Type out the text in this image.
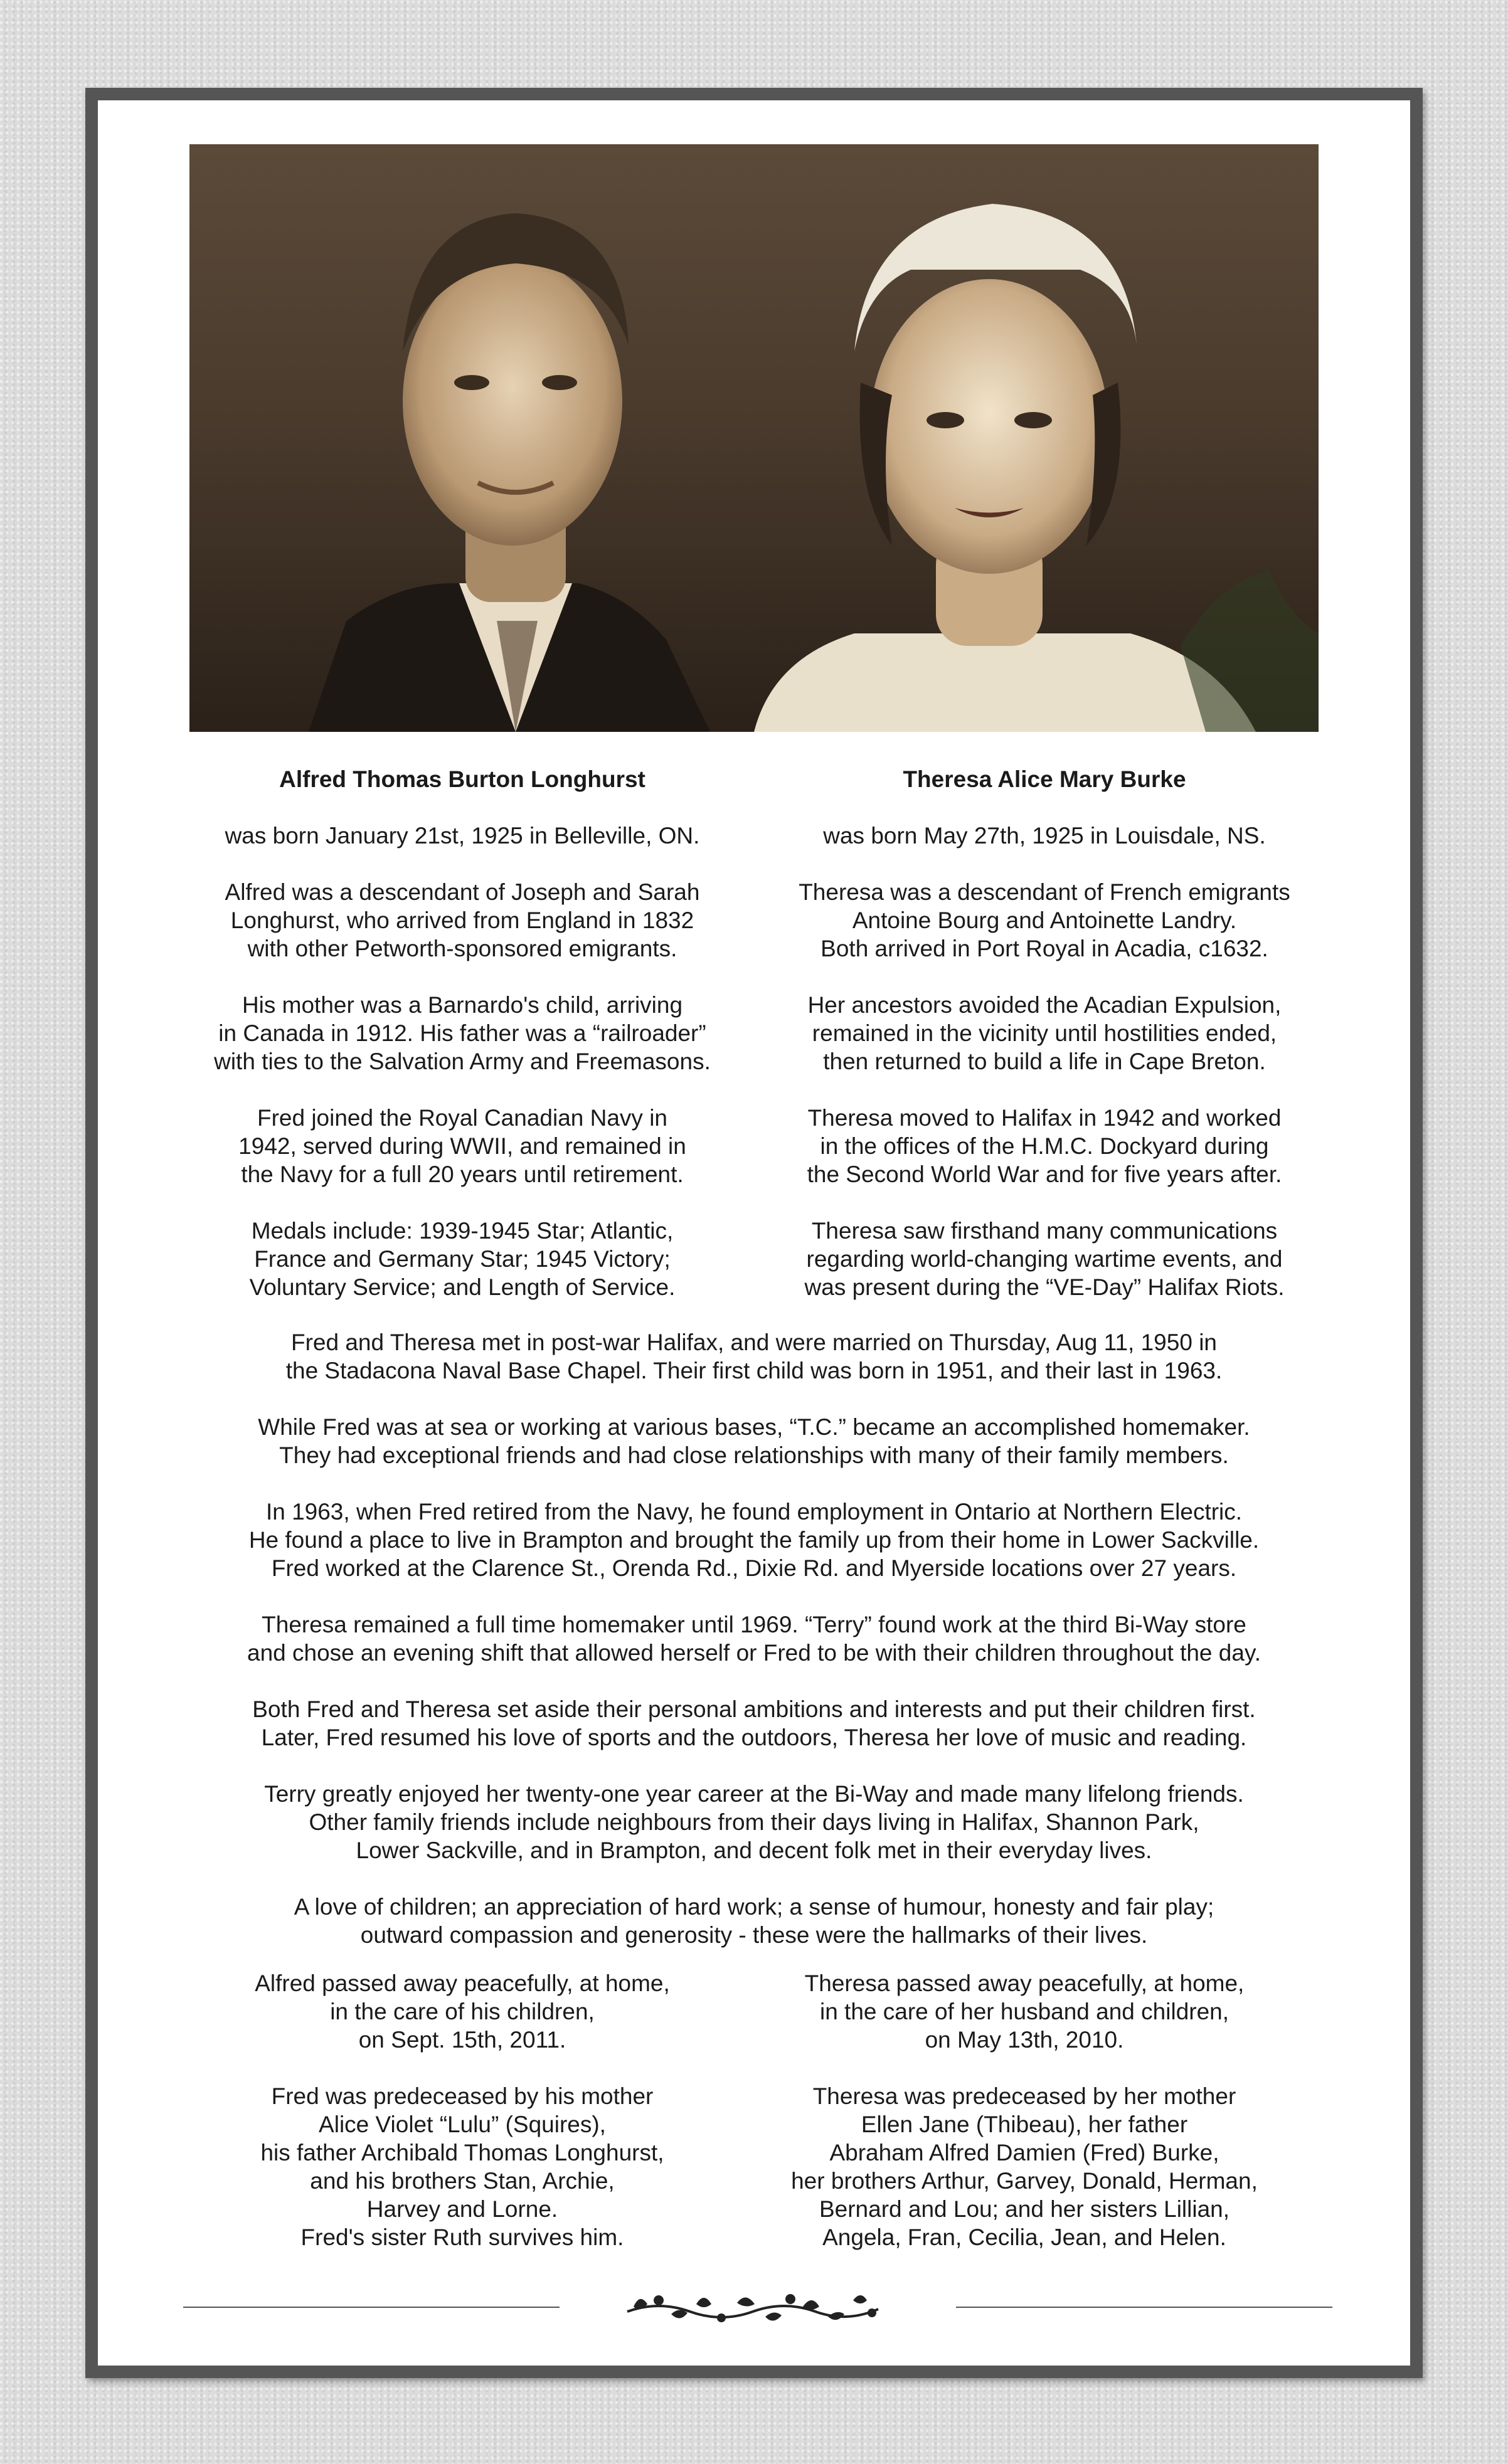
Alfred Thomas Burton Longhurst

was born January 21st, 1925 in Belleville, ON.

Alfred was a descendant of Joseph and Sarah
Longhurst, who arrived from England in 1832
with other Petworth-sponsored emigrants.

His mother was a Barnardo's child, arriving
in Canada in 1912. His father was a “railroader”
with ties to the Salvation Army and Freemasons.

Fred joined the Royal Canadian Navy in
1942, served during WWII, and remained in
the Navy for a full 20 years until retirement.

Medals include: 1939-1945 Star; Atlantic,
France and Germany Star; 1945 Victory;
Voluntary Service; and Length of Service.

Theresa Alice Mary Burke

was born May 27th, 1925 in Louisdale, NS.

Theresa was a descendant of French emigrants
Antoine Bourg and Antoinette Landry.
Both arrived in Port Royal in Acadia, c1632.

Her ancestors avoided the Acadian Expulsion,
remained in the vicinity until hostilities ended,
then returned to build a life in Cape Breton.

Theresa moved to Halifax in 1942 and worked
in the offices of the H.M.C. Dockyard during
the Second World War and for five years after.

Theresa saw firsthand many communications
regarding world-changing wartime events, and
was present during the “VE-Day” Halifax Riots.

Fred and Theresa met in post-war Halifax, and were married on Thursday, Aug 11, 1950 in
the Stadacona Naval Base Chapel. Their first child was born in 1951, and their last in 1963.

While Fred was at sea or working at various bases, “T.C.” became an accomplished homemaker.
They had exceptional friends and had close relationships with many of their family members.

In 1963, when Fred retired from the Navy, he found employment in Ontario at Northern Electric.
He found a place to live in Brampton and brought the family up from their home in Lower Sackville.
Fred worked at the Clarence St., Orenda Rd., Dixie Rd. and Myerside locations over 27 years.

Theresa remained a full time homemaker until 1969. “Terry” found work at the third Bi-Way store
and chose an evening shift that allowed herself or Fred to be with their children throughout the day.

Both Fred and Theresa set aside their personal ambitions and interests and put their children first.
Later, Fred resumed his love of sports and the outdoors, Theresa her love of music and reading.

Terry greatly enjoyed her twenty-one year career at the Bi-Way and made many lifelong friends.
Other family friends include neighbours from their days living in Halifax, Shannon Park,
Lower Sackville, and in Brampton, and decent folk met in their everyday lives.

A love of children; an appreciation of hard work; a sense of humour, honesty and fair play;
outward compassion and generosity - these were the hallmarks of their lives.

Alfred passed away peacefully, at home,
in the care of his children,
on Sept. 15th, 2011.

Fred was predeceased by his mother
Alice Violet “Lulu” (Squires),
his father Archibald Thomas Longhurst,
and his brothers Stan, Archie,
Harvey and Lorne.
Fred's sister Ruth survives him.

Theresa passed away peacefully, at home,
in the care of her husband and children,
on May 13th, 2010.

Theresa was predeceased by her mother
Ellen Jane (Thibeau), her father
Abraham Alfred Damien (Fred) Burke,
her brothers Arthur, Garvey, Donald, Herman,
Bernard and Lou; and her sisters Lillian,
Angela, Fran, Cecilia, Jean, and Helen.
